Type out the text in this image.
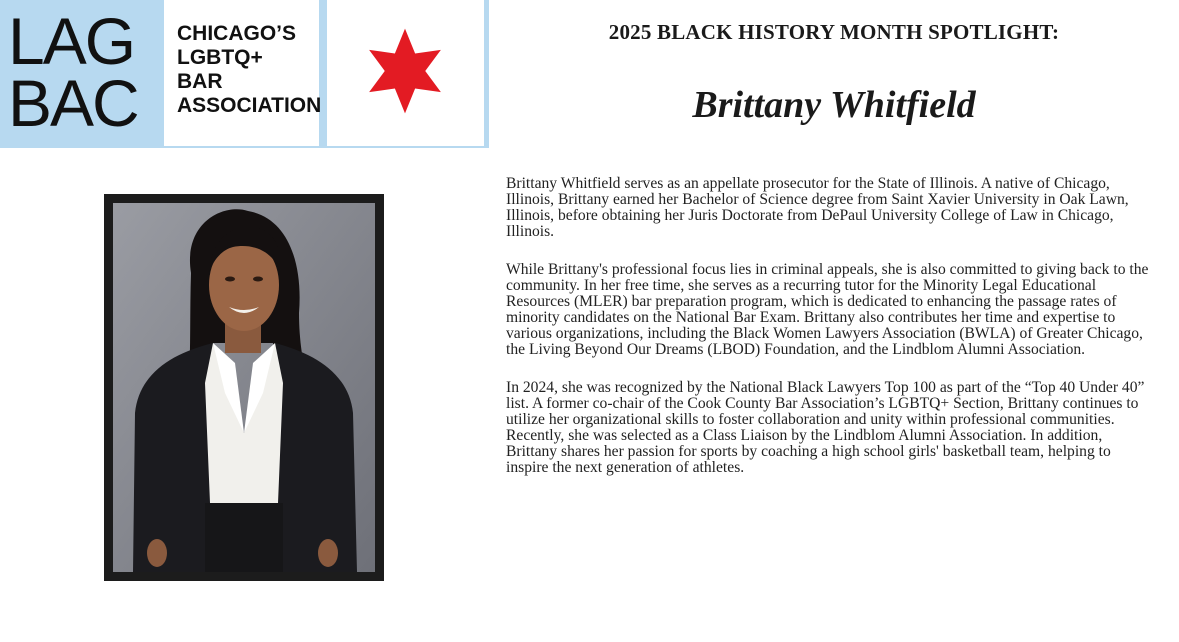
LAG
BAC
CHICAGO’S
LGBTQ+
BAR
ASSOCIATION
2025 BLACK HISTORY MONTH SPOTLIGHT:
Brittany Whitfield

Brittany Whitfield serves as an appellate prosecutor for the State of Illinois. A native of Chicago, Illinois, Brittany earned her Bachelor of Science degree from Saint Xavier University in Oak Lawn, Illinois, before obtaining her Juris Doctorate from DePaul University College of Law in Chicago, Illinois.

While Brittany's professional focus lies in criminal appeals, she is also committed to giving back to the community. In her free time, she serves as a recurring tutor for the Minority Legal Educational Resources (MLER) bar preparation program, which is dedicated to enhancing the passage rates of minority candidates on the National Bar Exam. Brittany also contributes her time and expertise to various organizations, including the Black Women Lawyers Association (BWLA) of Greater Chicago, the Living Beyond Our Dreams (LBOD) Foundation, and the Lindblom Alumni Association.

In 2024, she was recognized by the National Black Lawyers Top 100 as part of the “Top 40 Under 40” list. A former co-chair of the Cook County Bar Association’s LGBTQ+ Section, Brittany continues to utilize her organizational skills to foster collaboration and unity within professional communities. Recently, she was selected as a Class Liaison by the Lindblom Alumni Association. In addition, Brittany shares her passion for sports by coaching a high school girls' basketball team, helping to inspire the next generation of athletes.
